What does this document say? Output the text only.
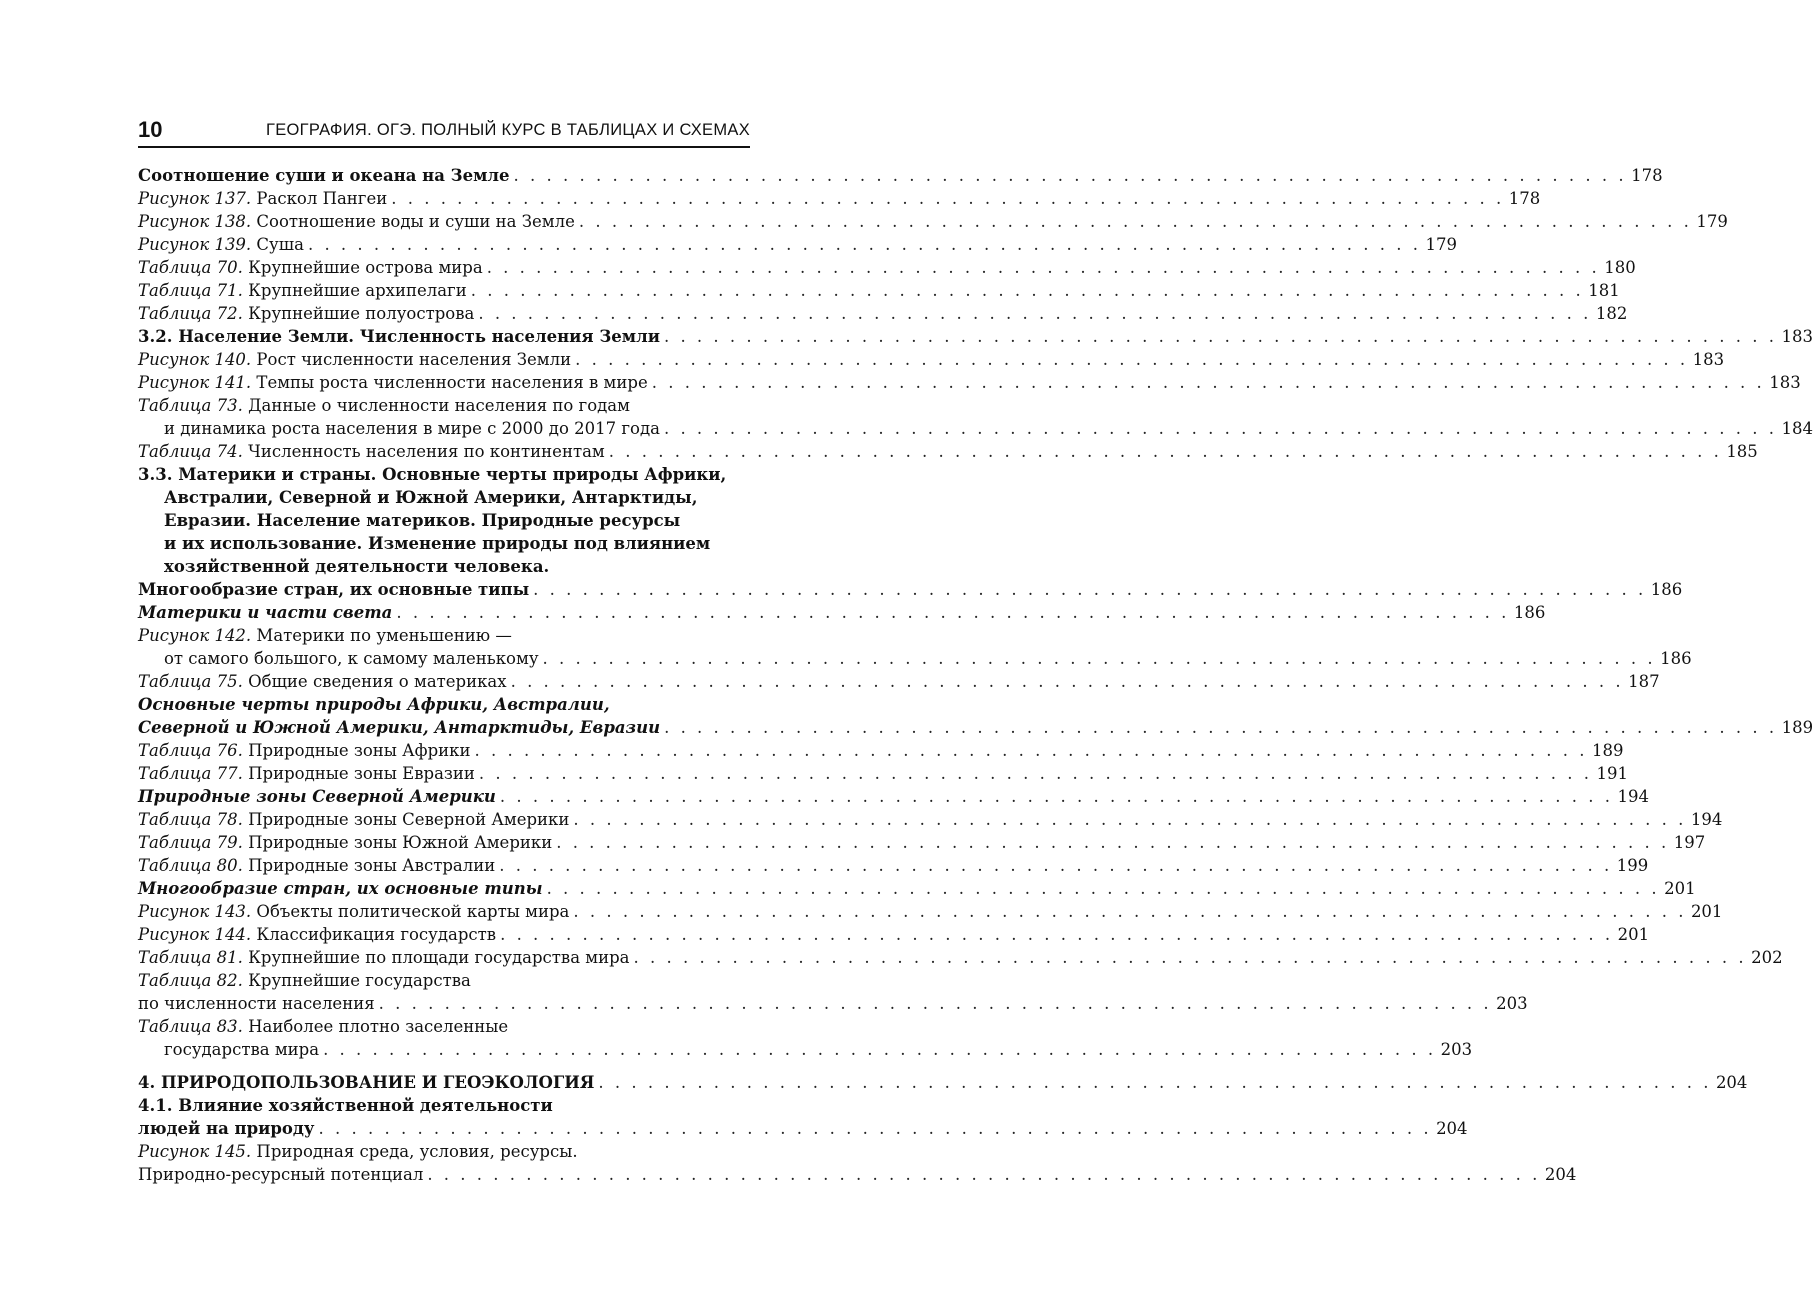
10	ГЕОГРАФИЯ. ОГЭ. ПОЛНЫЙ КУРС В ТАБЛИЦАХ И СХЕМАХ
Соотношение суши и океана на Земле . . .	178
Рисунок 137. Раскол Пангеи . . .	178
Рисунок 138. Соотношение воды и суши на Земле . . .	179
Рисунок 139. Суша . . .	179
Таблица 70. Крупнейшие острова мира . . .	180
Таблица 71. Крупнейшие архипелаги . . .	181
Таблица 72. Крупнейшие полуострова . . .	182
3.2. Население Земли. Численность населения Земли . . .	183
Рисунок 140. Рост численности населения Земли . . .	183
Рисунок 141. Темпы роста численности населения в мире . . .	183
Таблица 73. Данные о численности населения по годам
и динамика роста населения в мире с 2000 до 2017 года . . .	184
Таблица 74. Численность населения по континентам . . .	185
3.3. Материки и страны. Основные черты природы Африки,
Австралии, Северной и Южной Америки, Антарктиды,
Евразии. Население материков. Природные ресурсы
и их использование. Изменение природы под влиянием
хозяйственной деятельности человека.
Многообразие стран, их основные типы . . .	186
Материки и части света . . .	186
Рисунок 142. Материки по уменьшению —
от самого большого, к самому маленькому . . .	186
Таблица 75. Общие сведения о материках . . .	187
Основные черты природы Африки, Австралии,
Северной и Южной Америки, Антарктиды, Евразии . . .	189
Таблица 76. Природные зоны Африки . . .	189
Таблица 77. Природные зоны Евразии . . .	191
Природные зоны Северной Америки . . .	194
Таблица 78. Природные зоны Северной Америки . . .	194
Таблица 79. Природные зоны Южной Америки . . .	197
Таблица 80. Природные зоны Австралии . . .	199
Многообразие стран, их основные типы . . .	201
Рисунок 143. Объекты политической карты мира . . .	201
Рисунок 144. Классификация государств . . .	201
Таблица 81. Крупнейшие по площади государства мира . . .	202
Таблица 82. Крупнейшие государства
по численности населения . . .	203
Таблица 83. Наиболее плотно заселенные
государства мира . . .	203
4. ПРИРОДОПОЛЬЗОВАНИЕ И ГЕОЭКОЛОГИЯ . . .	204
4.1. Влияние хозяйственной деятельности
людей на природу . . .	204
Рисунок 145. Природная среда, условия, ресурсы.
Природно-ресурсный потенциал . . .	204
